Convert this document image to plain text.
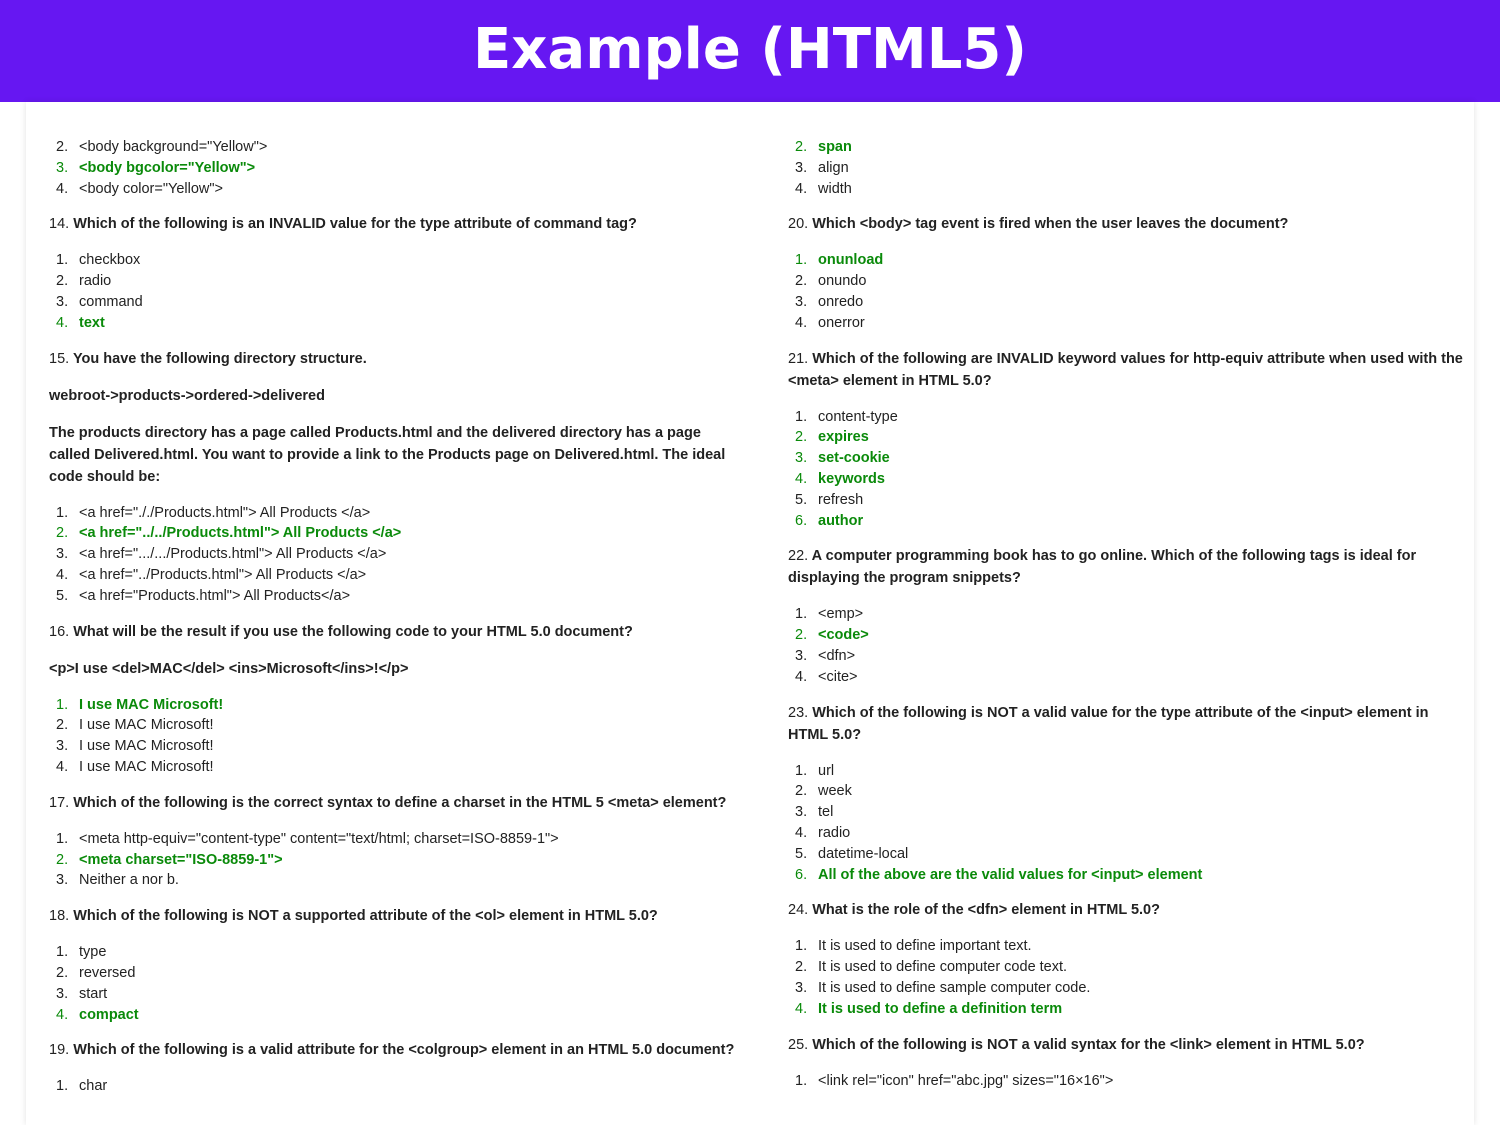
Example (HTML5)
2. <body background="Yellow">
3. <body bgcolor="Yellow">
4. <body color="Yellow">
14. Which of the following is an INVALID value for the type attribute of command tag?
1. checkbox
2. radio
3. command
4. text
15. You have the following directory structure.
webroot->products->ordered->delivered
The products directory has a page called Products.html and the delivered directory has a page called Delivered.html. You want to provide a link to the Products page on Delivered.html. The ideal code should be:
1. <a href="././Products.html"> All Products </a>
2. <a href="../../Products.html"> All Products </a>
3. <a href=".../.../Products.html"> All Products </a>
4. <a href="../Products.html"> All Products </a>
5. <a href="Products.html"> All Products</a>
16. What will be the result if you use the following code to your HTML 5.0 document?
<p>I use <del>MAC</del> <ins>Microsoft</ins>!</p>
1. I use MAC Microsoft!
2. I use MAC Microsoft!
3. I use MAC Microsoft!
4. I use MAC Microsoft!
17. Which of the following is the correct syntax to define a charset in the HTML 5 <meta> element?
1. <meta http-equiv="content-type" content="text/html; charset=ISO-8859-1">
2. <meta charset="ISO-8859-1">
3. Neither a nor b.
18. Which of the following is NOT a supported attribute of the <ol> element in HTML 5.0?
1. type
2. reversed
3. start
4. compact
19. Which of the following is a valid attribute for the <colgroup> element in an HTML 5.0 document?
1. char
2. span
3. align
4. width
20. Which <body> tag event is fired when the user leaves the document?
1. onunload
2. onundo
3. onredo
4. onerror
21. Which of the following are INVALID keyword values for http-equiv attribute when used with the <meta> element in HTML 5.0?
1. content-type
2. expires
3. set-cookie
4. keywords
5. refresh
6. author
22. A computer programming book has to go online. Which of the following tags is ideal for displaying the program snippets?
1. <emp>
2. <code>
3. <dfn>
4. <cite>
23. Which of the following is NOT a valid value for the type attribute of the <input> element in HTML 5.0?
1. url
2. week
3. tel
4. radio
5. datetime-local
6. All of the above are the valid values for <input> element
24. What is the role of the <dfn> element in HTML 5.0?
1. It is used to define important text.
2. It is used to define computer code text.
3. It is used to define sample computer code.
4. It is used to define a definition term
25. Which of the following is NOT a valid syntax for the <link> element in HTML 5.0?
1. <link rel="icon" href="abc.jpg" sizes="16×16">
